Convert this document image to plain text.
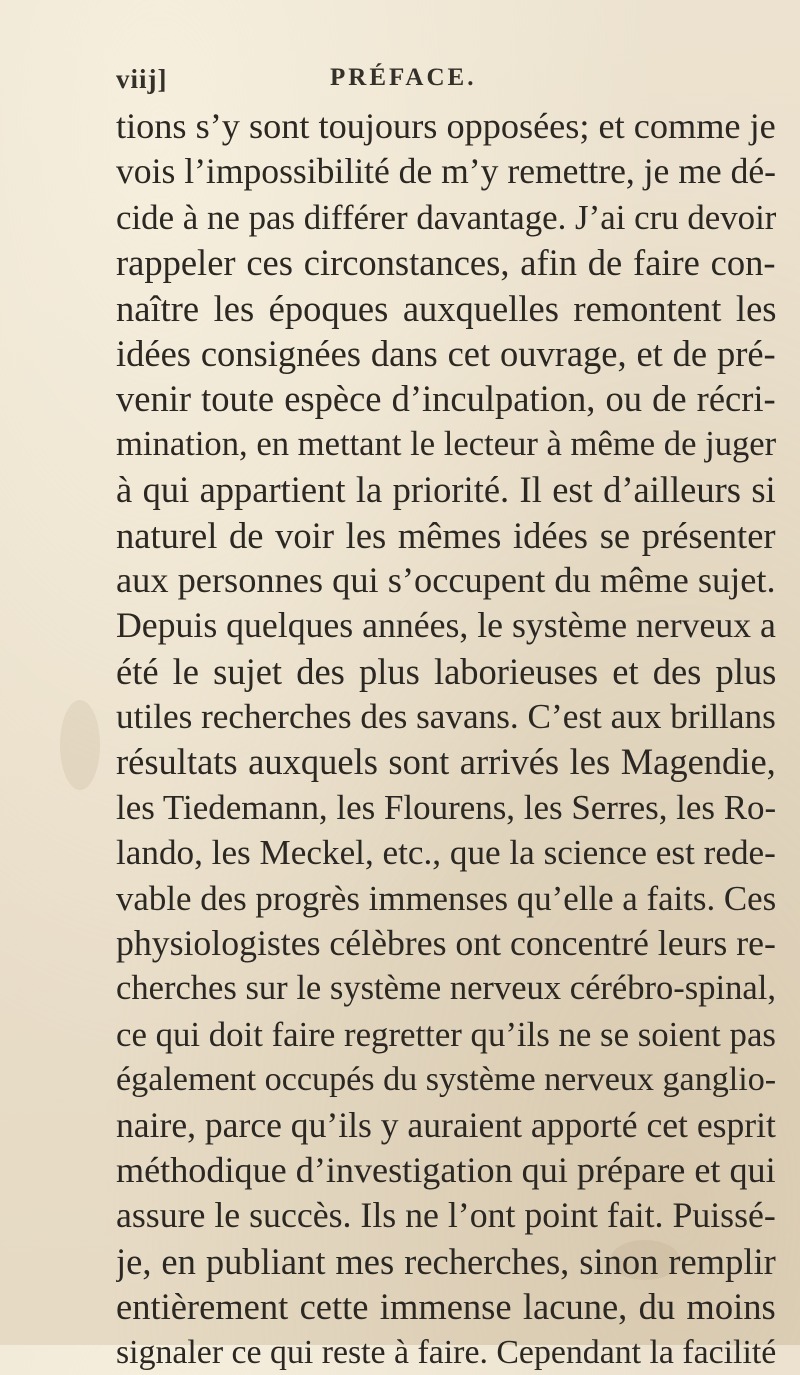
viij]	PRÉFACE.
tions s’y sont toujours opposées; et comme je
vois l’impossibilité de m’y remettre, je me dé-
cide à ne pas différer davantage. J’ai cru devoir
rappeler ces circonstances, afin de faire con-
naître les époques auxquelles remontent les
idées consignées dans cet ouvrage, et de pré-
venir toute espèce d’inculpation, ou de récri-
mination, en mettant le lecteur à même de juger
à qui appartient la priorité. Il est d’ailleurs si
naturel de voir les mêmes idées se présenter
aux personnes qui s’occupent du même sujet.
Depuis quelques années, le système nerveux a
été le sujet des plus laborieuses et des plus
utiles recherches des savans. C’est aux brillans
résultats auxquels sont arrivés les Magendie,
les Tiedemann, les Flourens, les Serres, les Ro-
lando, les Meckel, etc., que la science est rede-
vable des progrès immenses qu’elle a faits. Ces
physiologistes célèbres ont concentré leurs re-
cherches sur le système nerveux cérébro-spinal,
ce qui doit faire regretter qu’ils ne se soient pas
également occupés du système nerveux ganglio-
naire, parce qu’ils y auraient apporté cet esprit
méthodique d’investigation qui prépare et qui
assure le succès. Ils ne l’ont point fait. Puissé-
je, en publiant mes recherches, sinon remplir
entièrement cette immense lacune, du moins
signaler ce qui reste à faire. Cependant la facilité
